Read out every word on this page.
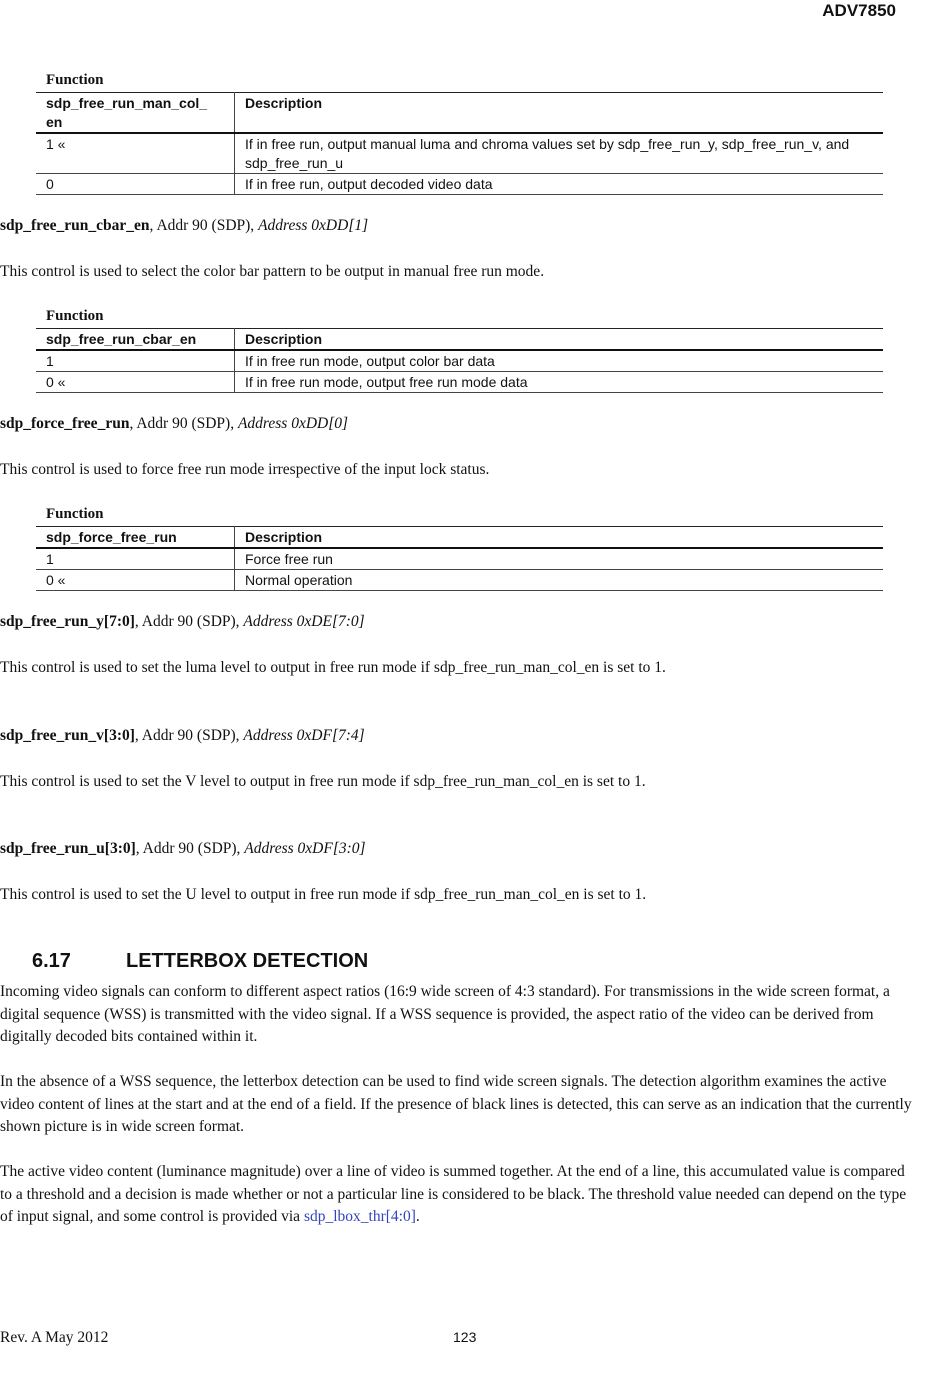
ADV7850
Function
sdp_free_run_man_col_
en	Description
1 «	If in free run, output manual luma and chroma values set by sdp_free_run_y, sdp_free_run_v, and sdp_free_run_u
0	If in free run, output decoded video data
sdp_free_run_cbar_en, Addr 90 (SDP), Address 0xDD[1]
This control is used to select the color bar pattern to be output in manual free run mode.
Function
sdp_free_run_cbar_en	Description
1	If in free run mode, output color bar data
0 «	If in free run mode, output free run mode data
sdp_force_free_run, Addr 90 (SDP), Address 0xDD[0]
This control is used to force free run mode irrespective of the input lock status.
Function
sdp_force_free_run	Description
1	Force free run
0 «	Normal operation
sdp_free_run_y[7:0], Addr 90 (SDP), Address 0xDE[7:0]
This control is used to set the luma level to output in free run mode if sdp_free_run_man_col_en is set to 1.
sdp_free_run_v[3:0], Addr 90 (SDP), Address 0xDF[7:4]
This control is used to set the V level to output in free run mode if sdp_free_run_man_col_en is set to 1.
sdp_free_run_u[3:0], Addr 90 (SDP), Address 0xDF[3:0]
This control is used to set the U level to output in free run mode if sdp_free_run_man_col_en is set to 1.
6.17	LETTERBOX DETECTION
Incoming video signals can conform to different aspect ratios (16:9 wide screen of 4:3 standard). For transmissions in the wide screen format, a digital sequence (WSS) is transmitted with the video signal. If a WSS sequence is provided, the aspect ratio of the video can be derived from digitally decoded bits contained within it.
In the absence of a WSS sequence, the letterbox detection can be used to find wide screen signals. The detection algorithm examines the active video content of lines at the start and at the end of a field. If the presence of black lines is detected, this can serve as an indication that the currently shown picture is in wide screen format.
The active video content (luminance magnitude) over a line of video is summed together. At the end of a line, this accumulated value is compared to a threshold and a decision is made whether or not a particular line is considered to be black. The threshold value needed can depend on the type of input signal, and some control is provided via sdp_lbox_thr[4:0].
Rev. A May 2012	123
